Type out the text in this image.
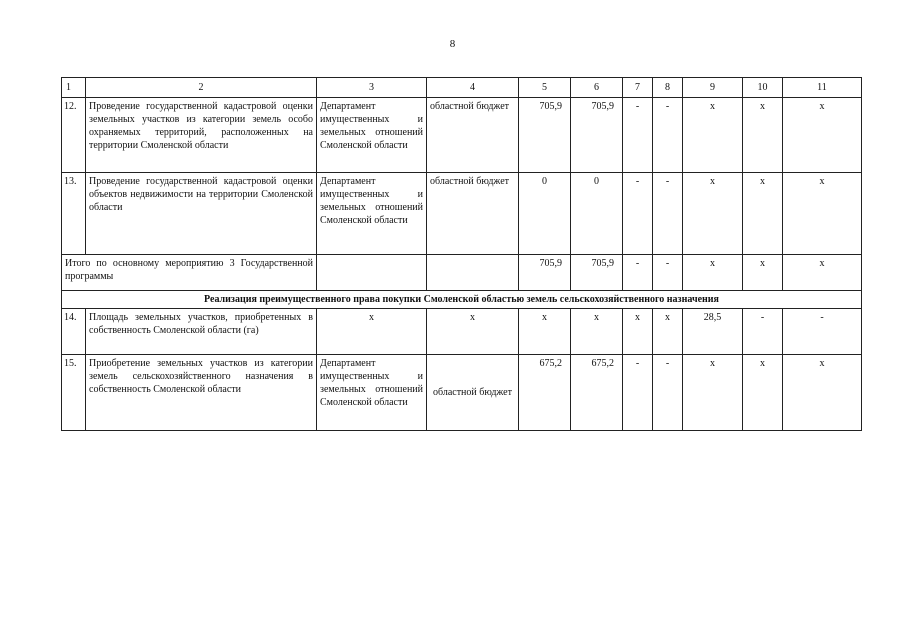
8
1	2	3	4	5	6	7	8	9	10	11
12.	Проведение государственной кадастровой оценки земельных участков из категории земель особо охраняемых территорий, расположенных на территории Смоленской области	Департамент имущественных и земельных отношений Смоленской области	областной бюджет	705,9	705,9	-	-	x	x	x
13.	Проведение государственной кадастровой оценки объектов недвижимости на территории Смоленской области	Департамент имущественных и земельных отношений Смоленской области	областной бюджет	0	0	-	-	x	x	x
Итого по основному мероприятию 3 Государственной программы				705,9	705,9	-	-	x	x	x
Реализация преимущественного права покупки Смоленской областью земель сельскохозяйственного назначения										
14.	Площадь земельных участков, приобретенных в собственность Смоленской области (га)	x	x	x	x	x	x	28,5	-	-
15.	Приобретение земельных участков из категории земель сельскохозяйственного назначения в собственность Смоленской области	Департамент имущественных и земельных отношений Смоленской области	областной бюджет	675,2	675,2	-	-	x	x	x
